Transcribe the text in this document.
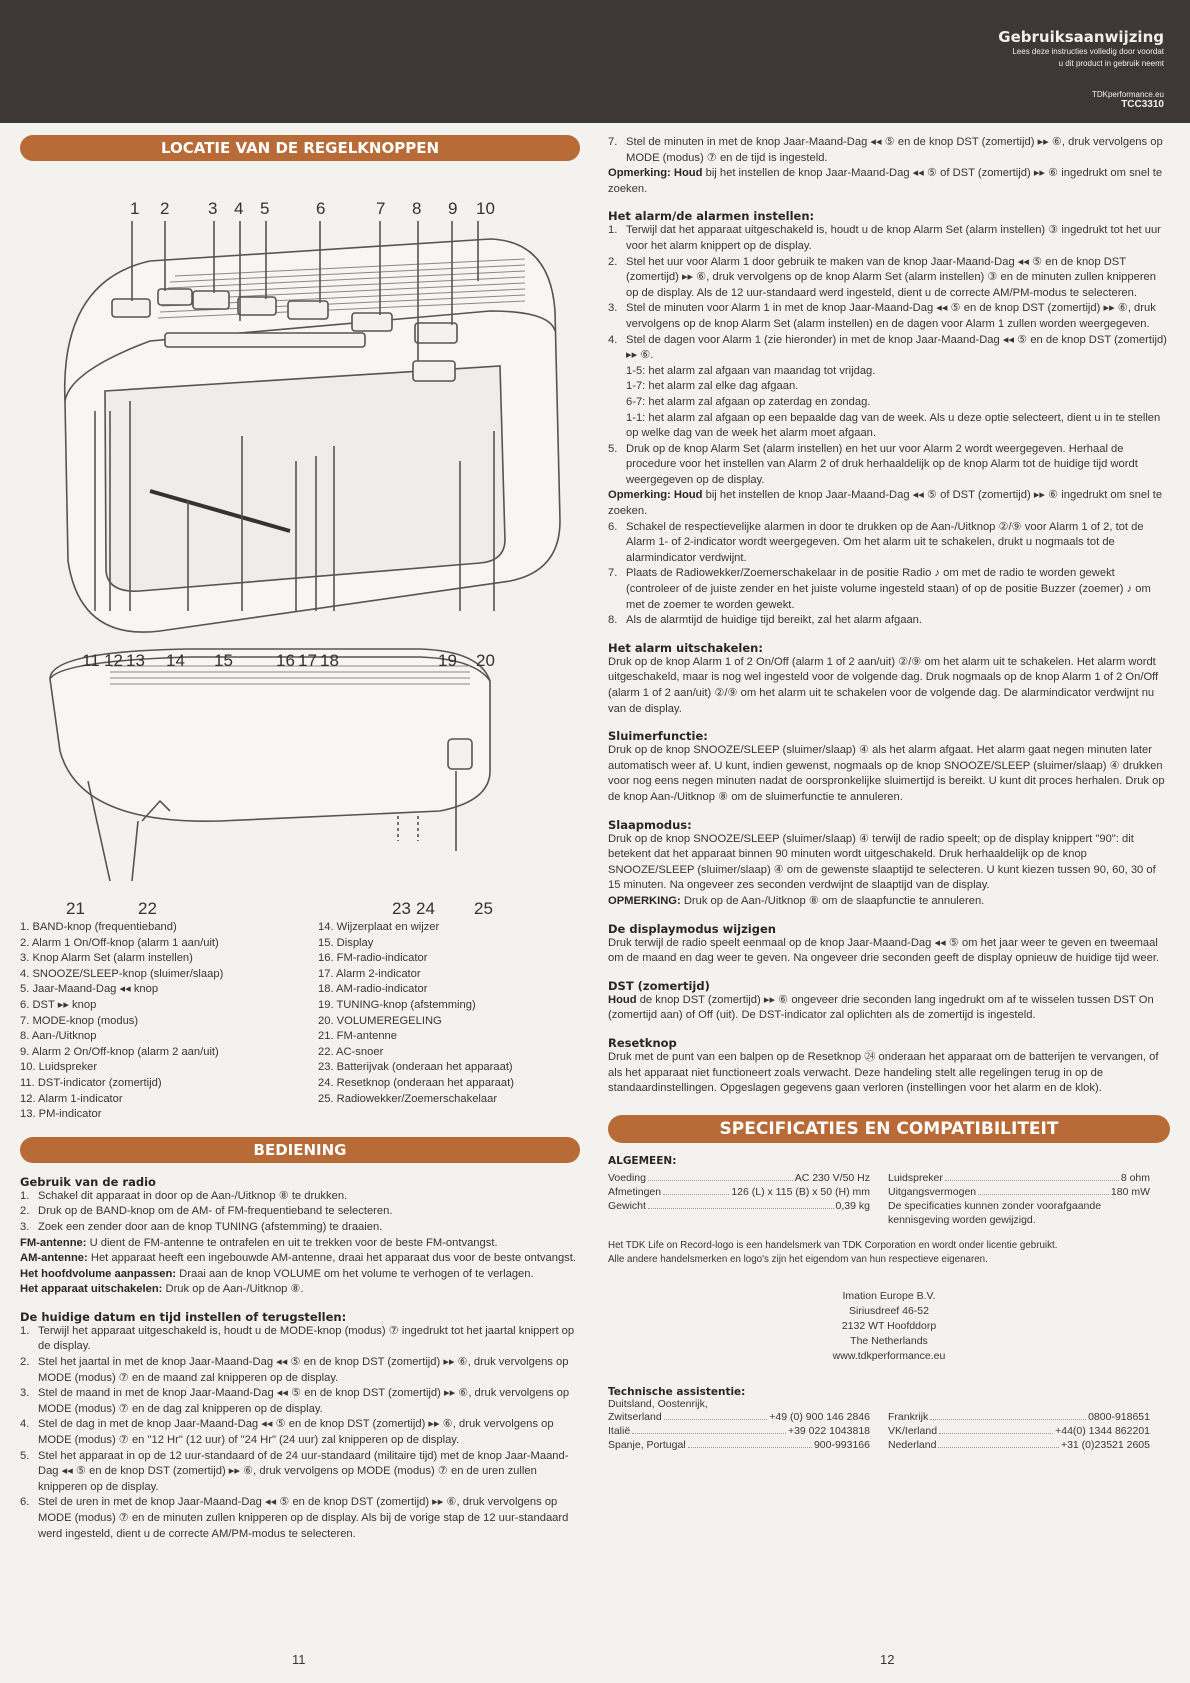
Gebruiksaanwijzing
Lees deze instructies volledig door voordat
u dit product in gebruik neemt
TDKperformance.eu
TCC3310
LOCATIE VAN DE REGELKNOPPEN
1 2 3 4 5	6	7 8 9 10
11 12 13 14 15	16 17 18	19 20
21	22	23 24 25
1. BAND-knop (frequentieband)
2. Alarm 1 On/Off-knop (alarm 1 aan/uit)
3. Knop Alarm Set (alarm instellen)
4. SNOOZE/SLEEP-knop (sluimer/slaap)
5. Jaar-Maand-Dag ◂◂ knop
6. DST ▸▸ knop
7. MODE-knop (modus)
8. Aan-/Uitknop
9. Alarm 2 On/Off-knop (alarm 2 aan/uit)
10. Luidspreker
11. DST-indicator (zomertijd)
12. Alarm 1-indicator
13. PM-indicator
14. Wijzerplaat en wijzer
15. Display
16. FM-radio-indicator
17. Alarm 2-indicator
18. AM-radio-indicator
19. TUNING-knop (afstemming)
20. VOLUMEREGELING
21. FM-antenne
22. AC-snoer
23. Batterijvak (onderaan het apparaat)
24. Resetknop (onderaan het apparaat)
25. Radiowekker/Zoemerschakelaar
BEDIENING
Gebruik van de radio
1. Schakel dit apparaat in door op de Aan-/Uitknop ⑧ te drukken.
2. Druk op de BAND-knop om de AM- of FM-frequentieband te selecteren.
3. Zoek een zender door aan de knop TUNING (afstemming) te draaien.

FM-antenne: U dient de FM-antenne te ontrafelen en uit te trekken voor de beste FM-ontvangst.

AM-antenne: Het apparaat heeft een ingebouwde AM-antenne, draai het apparaat dus voor de beste ontvangst.

Het hoofdvolume aanpassen: Draai aan de knop VOLUME om het volume te verhogen of te verlagen.

Het apparaat uitschakelen: Druk op de Aan-/Uitknop ⑧.

De huidige datum en tijd instellen of terugstellen:
1. Terwijl het apparaat uitgeschakeld is, houdt u de MODE-knop (modus) ⑦ ingedrukt tot het jaartal knippert op de display.
2. Stel het jaartal in met de knop Jaar-Maand-Dag ◂◂ ⑤ en de knop DST (zomertijd) ▸▸ ⑥, druk vervolgens op MODE (modus) ⑦ en de maand zal knipperen op de display.
3. Stel de maand in met de knop Jaar-Maand-Dag ◂◂ ⑤ en de knop DST (zomertijd) ▸▸ ⑥, druk vervolgens op MODE (modus) ⑦ en de dag zal knipperen op de display.
4. Stel de dag in met de knop Jaar-Maand-Dag ◂◂ ⑤ en de knop DST (zomertijd) ▸▸ ⑥, druk vervolgens op MODE (modus) ⑦ en "12 Hr" (12 uur) of "24 Hr" (24 uur) zal knipperen op de display.
5. Stel het apparaat in op de 12 uur-standaard of de 24 uur-standaard (militaire tijd) met de knop Jaar-Maand-Dag ◂◂ ⑤ en de knop DST (zomertijd) ▸▸ ⑥, druk vervolgens op MODE (modus) ⑦ en de uren zullen knipperen op de display.
6. Stel de uren in met de knop Jaar-Maand-Dag ◂◂ ⑤ en de knop DST (zomertijd) ▸▸ ⑥, druk vervolgens op MODE (modus) ⑦ en de minuten zullen knipperen op de display. Als bij de vorige stap de 12 uur-standaard werd ingesteld, dient u de correcte AM/PM-modus te selecteren.
7. Stel de minuten in met de knop Jaar-Maand-Dag ◂◂ ⑤ en de knop DST (zomertijd) ▸▸ ⑥, druk vervolgens op MODE (modus) ⑦ en de tijd is ingesteld.

Opmerking: Houd bij het instellen de knop Jaar-Maand-Dag ◂◂ ⑤ of DST (zomertijd) ▸▸ ⑥ ingedrukt om snel te zoeken.

Het alarm/de alarmen instellen:
1. Terwijl dat het apparaat uitgeschakeld is, houdt u de knop Alarm Set (alarm instellen) ③ ingedrukt tot het uur voor het alarm knippert op de display.
2. Stel het uur voor Alarm 1 door gebruik te maken van de knop Jaar-Maand-Dag ◂◂ ⑤ en de knop DST (zomertijd) ▸▸ ⑥, druk vervolgens op de knop Alarm Set (alarm instellen) ③ en de minuten zullen knipperen op de display. Als de 12 uur-standaard werd ingesteld, dient u de correcte AM/PM-modus te selecteren.
3. Stel de minuten voor Alarm 1 in met de knop Jaar-Maand-Dag ◂◂ ⑤ en de knop DST (zomertijd) ▸▸ ⑥, druk vervolgens op de knop Alarm Set (alarm instellen) en de dagen voor Alarm 1 zullen worden weergegeven.
4. Stel de dagen voor Alarm 1 (zie hieronder) in met de knop Jaar-Maand-Dag ◂◂ ⑤ en de knop DST (zomertijd) ▸▸ ⑥.

1-5: het alarm zal afgaan van maandag tot vrijdag.

1-7: het alarm zal elke dag afgaan.

6-7: het alarm zal afgaan op zaterdag en zondag.

1-1: het alarm zal afgaan op een bepaalde dag van de week. Als u deze optie selecteert, dient u in te stellen op welke dag van de week het alarm moet afgaan.

5. Druk op de knop Alarm Set (alarm instellen) en het uur voor Alarm 2 wordt weergegeven. Herhaal de procedure voor het instellen van Alarm 2 of druk herhaaldelijk op de knop Alarm tot de huidige tijd wordt weergegeven op de display.

Opmerking: Houd bij het instellen de knop Jaar-Maand-Dag ◂◂ ⑤ of DST (zomertijd) ▸▸ ⑥ ingedrukt om snel te zoeken.

6. Schakel de respectievelijke alarmen in door te drukken op de Aan-/Uitknop ②/⑨ voor Alarm 1 of 2, tot de Alarm 1- of 2-indicator wordt weergegeven. Om het alarm uit te schakelen, drukt u nogmaals tot de alarmindicator verdwijnt.
7. Plaats de Radiowekker/Zoemerschakelaar in de positie Radio ♪ om met de radio te worden gewekt (controleer of de juiste zender en het juiste volume ingesteld staan) of op de positie Buzzer (zoemer) ♪ om met de zoemer te worden gewekt.
8. Als de alarmtijd de huidige tijd bereikt, zal het alarm afgaan.
Het alarm uitschakelen:

Druk op de knop Alarm 1 of 2 On/Off (alarm 1 of 2 aan/uit) ②/⑨ om het alarm uit te schakelen. Het alarm wordt uitgeschakeld, maar is nog wel ingesteld voor de volgende dag. Druk nogmaals op de knop Alarm 1 of 2 On/Off (alarm 1 of 2 aan/uit) ②/⑨ om het alarm uit te schakelen voor de volgende dag. De alarmindicator verdwijnt nu van de display.

Sluimerfunctie:

Druk op de knop SNOOZE/SLEEP (sluimer/slaap) ④ als het alarm afgaat. Het alarm gaat negen minuten later automatisch weer af. U kunt, indien gewenst, nogmaals op de knop SNOOZE/SLEEP (sluimer/slaap) ④ drukken voor nog eens negen minuten nadat de oorspronkelijke sluimertijd is bereikt. U kunt dit proces herhalen. Druk op de knop Aan-/Uitknop ⑧ om de sluimerfunctie te annuleren.

Slaapmodus:

Druk op de knop SNOOZE/SLEEP (sluimer/slaap) ④ terwijl de radio speelt; op de display knippert "90": dit betekent dat het apparaat binnen 90 minuten wordt uitgeschakeld. Druk herhaaldelijk op de knop SNOOZE/SLEEP (sluimer/slaap) ④ om de gewenste slaaptijd te selecteren. U kunt kiezen tussen 90, 60, 30 of 15 minuten. Na ongeveer zes seconden verdwijnt de slaaptijd van de display.

OPMERKING: Druk op de Aan-/Uitknop ⑧ om de slaapfunctie te annuleren.

De displaymodus wijzigen

Druk terwijl de radio speelt eenmaal op de knop Jaar-Maand-Dag ◂◂ ⑤ om het jaar weer te geven en tweemaal om de maand en dag weer te geven. Na ongeveer drie seconden geeft de display opnieuw de huidige tijd weer.

DST (zomertijd)

Houd de knop DST (zomertijd) ▸▸ ⑥ ongeveer drie seconden lang ingedrukt om af te wisselen tussen DST On (zomertijd aan) of Off (uit). De DST-indicator zal oplichten als de zomertijd is ingesteld.

Resetknop

Druk met de punt van een balpen op de Resetknop ㉔ onderaan het apparaat om de batterijen te vervangen, of als het apparaat niet functioneert zoals verwacht. Deze handeling stelt alle regelingen terug in op de standaardinstellingen. Opgeslagen gegevens gaan verloren (instellingen voor het alarm en de klok).

SPECIFICATIES EN COMPATIBILITEIT
ALGEMEEN:
Voeding	AC 230 V/50 Hz
Afmetingen	126 (L) x 115 (B) x 50 (H) mm
Gewicht	0,39 kg
Luidspreker	8 ohm
Uitgangsvermogen	180 mW
De specificaties kunnen zonder voorafgaande kennisgeving worden gewijzigd.

Het TDK Life on Record-logo is een handelsmerk van TDK Corporation en wordt onder licentie gebruikt.

Alle andere handelsmerken en logo's zijn het eigendom van hun respectieve eigenaren.

Imation Europe B.V.
Siriusdreef 46-52
2132 WT Hoofddorp
The Netherlands
www.tdkperformance.eu
Technische assistentie:
Duitsland, Oostenrijk,
Zwitserland	+49 (0) 900 146 2846
Italië	+39 022 1043818
Spanje, Portugal	900-993166
Frankrijk	0800-918651
VK/Ierland	+44(0) 1344 862201
Nederland	+31 (0)23521 2605
11	12
